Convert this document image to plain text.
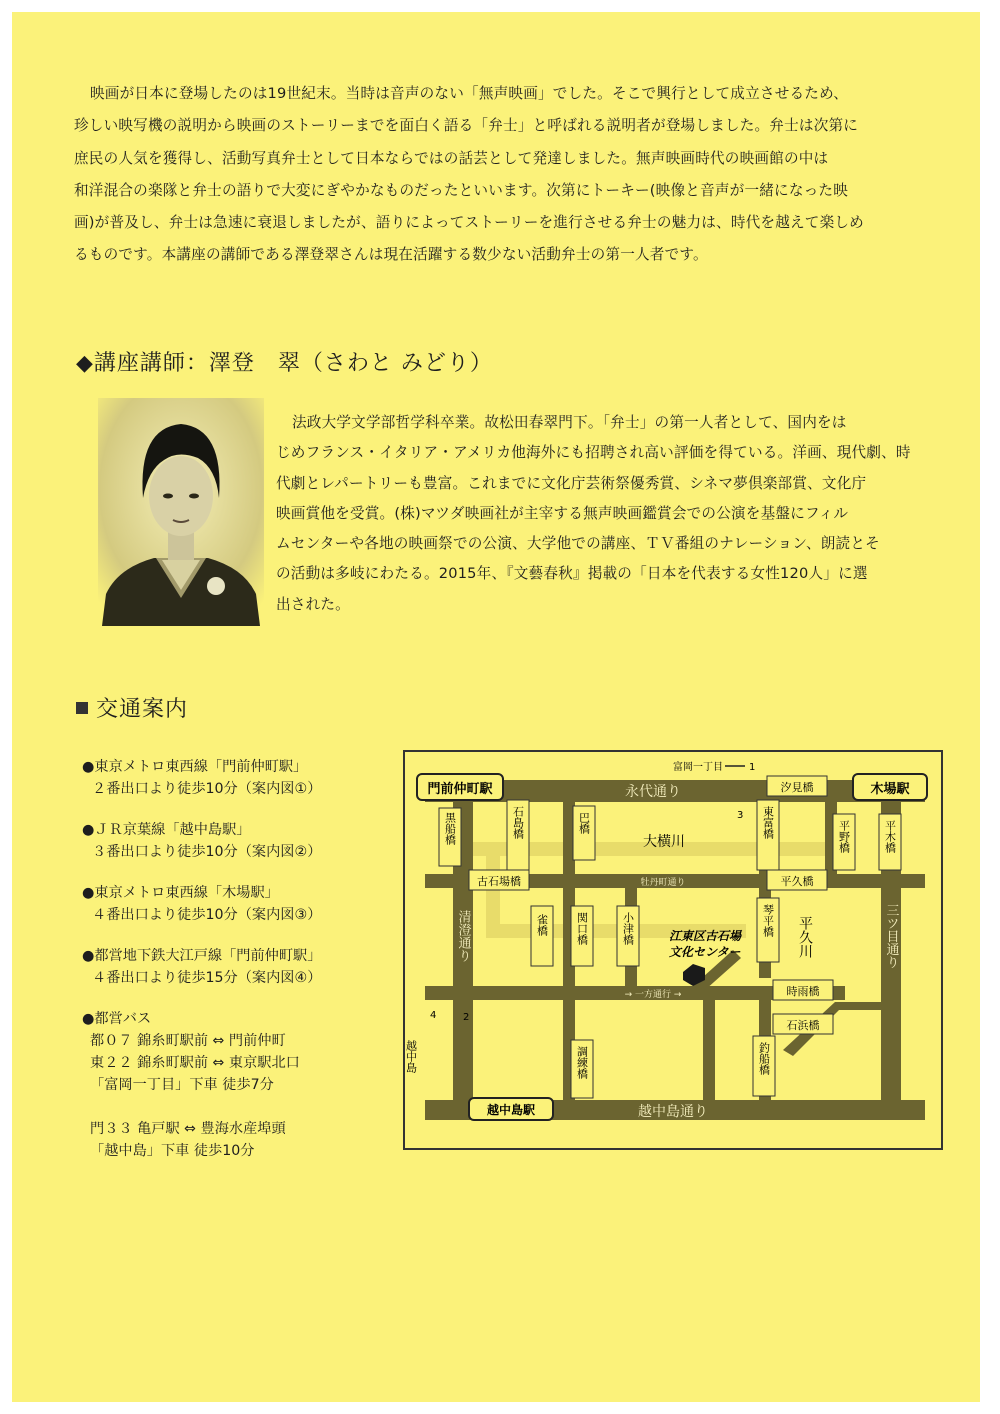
映画が日本に登場したのは19世紀末。当時は音声のない「無声映画」でした。そこで興行として成立させるため、
珍しい映写機の説明から映画のストーリーまでを面白く語る「弁士」と呼ばれる説明者が登場しました。弁士は次第に
庶民の人気を獲得し、活動写真弁士として日本ならではの話芸として発達しました。無声映画時代の映画館の中は
和洋混合の楽隊と弁士の語りで大変にぎやかなものだったといいます。次第にトーキー(映像と音声が一緒になった映
画)が普及し、弁士は急速に衰退しましたが、語りによってストーリーを進行させる弁士の魅力は、時代を越えて楽しめ
るものです。本講座の講師である澤登翠さんは現在活躍する数少ない活動弁士の第一人者です。

◆講座講師：澤登　翠（さわと みどり）

法政大学文学部哲学科卒業。故松田春翠門下。「弁士」の第一人者として、国内をは
じめフランス・イタリア・アメリカ他海外にも招聘され高い評価を得ている。洋画、現代劇、時
代劇とレパートリーも豊富。これまでに文化庁芸術祭優秀賞、シネマ夢倶楽部賞、文化庁
映画賞他を受賞。(株)マツダ映画社が主宰する無声映画鑑賞会での公演を基盤にフィル
ムセンターや各地の映画祭での公演、大学他での講座、ＴＶ番組のナレーション、朗読とそ
の活動は多岐にわたる。2015年、『文藝春秋』掲載の「日本を代表する女性120人」に選
出された。

交通案内
●東京メトロ東西線「門前仲町駅」
２番出口より徒歩10分（案内図①）
●ＪＲ京葉線「越中島駅」
３番出口より徒歩10分（案内図②）
●東京メトロ東西線「木場駅」
４番出口より徒歩10分（案内図③）
●都営地下鉄大江戸線「門前仲町駅」
４番出口より徒歩15分（案内図④）
●都営バス
都０７ 錦糸町駅前 ⇔ 門前仲町
東２２ 錦糸町駅前 ⇔ 東京駅北口
「富岡一丁目」下車 徒歩7分
門３３ 亀戸駅 ⇔ 豊海水産埠頭
「越中島」下車 徒歩10分
門前仲町駅	木場駅
越中島駅
永代通り
越中島通り
牡丹町通り
→ 一方通行 →
清澄通り	三ツ目通り
大横川
平久川
富岡一丁目	1
3
4	2
越中島
江東区古石場
文化センター
黒船橋	石島橋	巴橋	東富橋	平野橋	平木橋
汐見橋
古石場橋	平久橋
雀橋 関口橋	小津橋	琴平橋
時雨橋
石浜橋
調練橋	釣船橋
